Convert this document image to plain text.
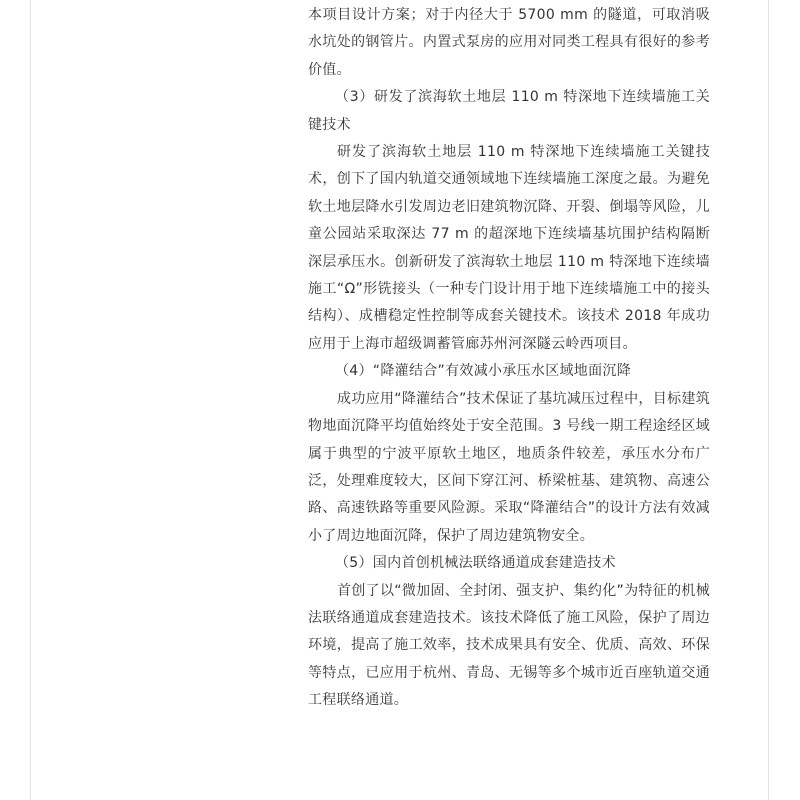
本项目设计方案；对于内径大于 5700 mm 的隧道，可取消吸水坑处的钢管片。内置式泵房的应用对同类工程具有很好的参考价值。

（3）研发了滨海软土地层 110 m 特深地下连续墙施工关键技术

研发了滨海软土地层 110 m 特深地下连续墙施工关键技术，创下了国内轨道交通领域地下连续墙施工深度之最。为避免软土地层降水引发周边老旧建筑物沉降、开裂、倒塌等风险，儿童公园站采取深达 77 m 的超深地下连续墙基坑围护结构隔断深层承压水。创新研发了滨海软土地层 110 m 特深地下连续墙施工“Ω”形铣接头（一种专门设计用于地下连续墙施工中的接头结构）、成槽稳定性控制等成套关键技术。该技术 2018 年成功应用于上海市超级调蓄管廊苏州河深隧云岭西项目。

（4）“降灌结合”有效减小承压水区域地面沉降

成功应用“降灌结合”技术保证了基坑减压过程中，目标建筑物地面沉降平均值始终处于安全范围。3 号线一期工程途经区域属于典型的宁波平原软土地区，地质条件较差，承压水分布广泛，处理难度较大，区间下穿江河、桥梁桩基、建筑物、高速公路、高速铁路等重要风险源。采取“降灌结合”的设计方法有效减小了周边地面沉降，保护了周边建筑物安全。

（5）国内首创机械法联络通道成套建造技术

首创了以“微加固、全封闭、强支护、集约化”为特征的机械法联络通道成套建造技术。该技术降低了施工风险，保护了周边环境，提高了施工效率，技术成果具有安全、优质、高效、环保等特点，已应用于杭州、青岛、无锡等多个城市近百座轨道交通工程联络通道。
